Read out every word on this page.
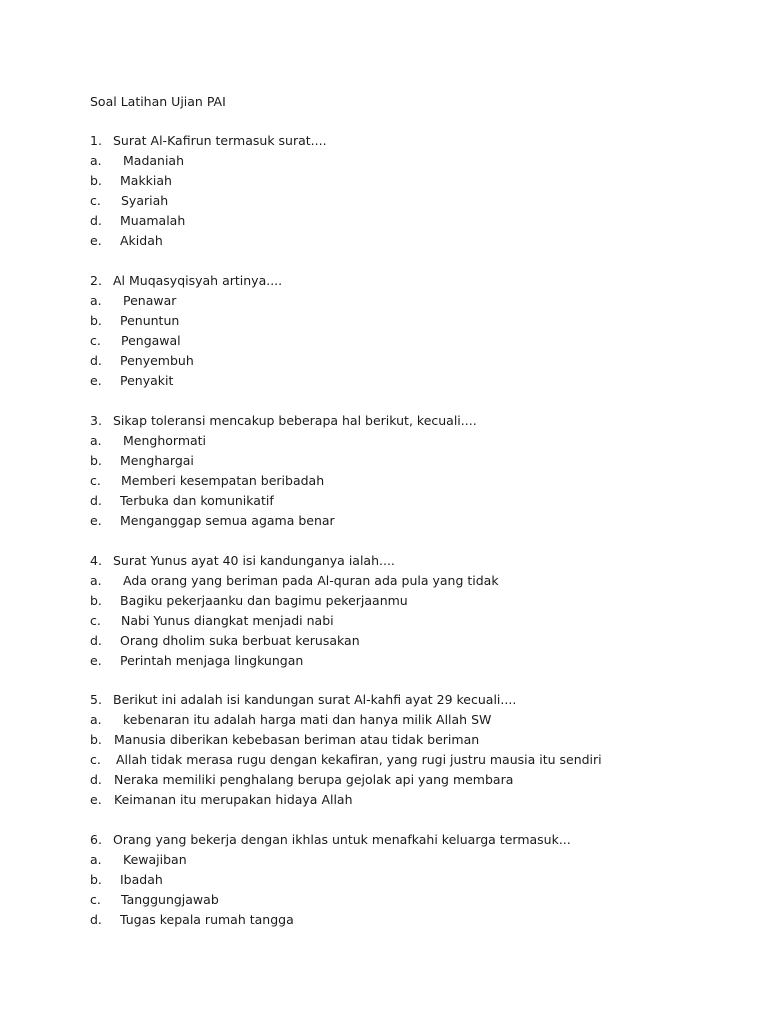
Soal Latihan Ujian PAI
1. Surat Al-Kafirun termasuk surat....
a. Madaniah
b. Makkiah
c. Syariah
d. Muamalah
e. Akidah
2. Al Muqasyqisyah artinya....
a. Penawar
b. Penuntun
c. Pengawal
d. Penyembuh
e. Penyakit
3. Sikap toleransi mencakup beberapa hal berikut, kecuali....
a. Menghormati
b. Menghargai
c. Memberi kesempatan beribadah
d. Terbuka dan komunikatif
e. Menganggap semua agama benar
4. Surat Yunus ayat 40 isi kandunganya ialah....
a. Ada orang yang beriman pada Al-quran ada pula yang tidak
b. Bagiku pekerjaanku dan bagimu pekerjaanmu
c. Nabi Yunus diangkat menjadi nabi
d. Orang dholim suka berbuat kerusakan
e. Perintah menjaga lingkungan
5. Berikut ini adalah isi kandungan surat Al-kahfi ayat 29 kecuali....
a. kebenaran itu adalah harga mati dan hanya milik Allah SW
b. Manusia diberikan kebebasan beriman atau tidak beriman
c. Allah tidak merasa rugu dengan kekafiran, yang rugi justru mausia itu sendiri
d. Neraka memiliki penghalang berupa gejolak api yang membara
e. Keimanan itu merupakan hidaya Allah
6. Orang yang bekerja dengan ikhlas untuk menafkahi keluarga termasuk...
a. Kewajiban
b. Ibadah
c. Tanggungjawab
d. Tugas kepala rumah tangga
